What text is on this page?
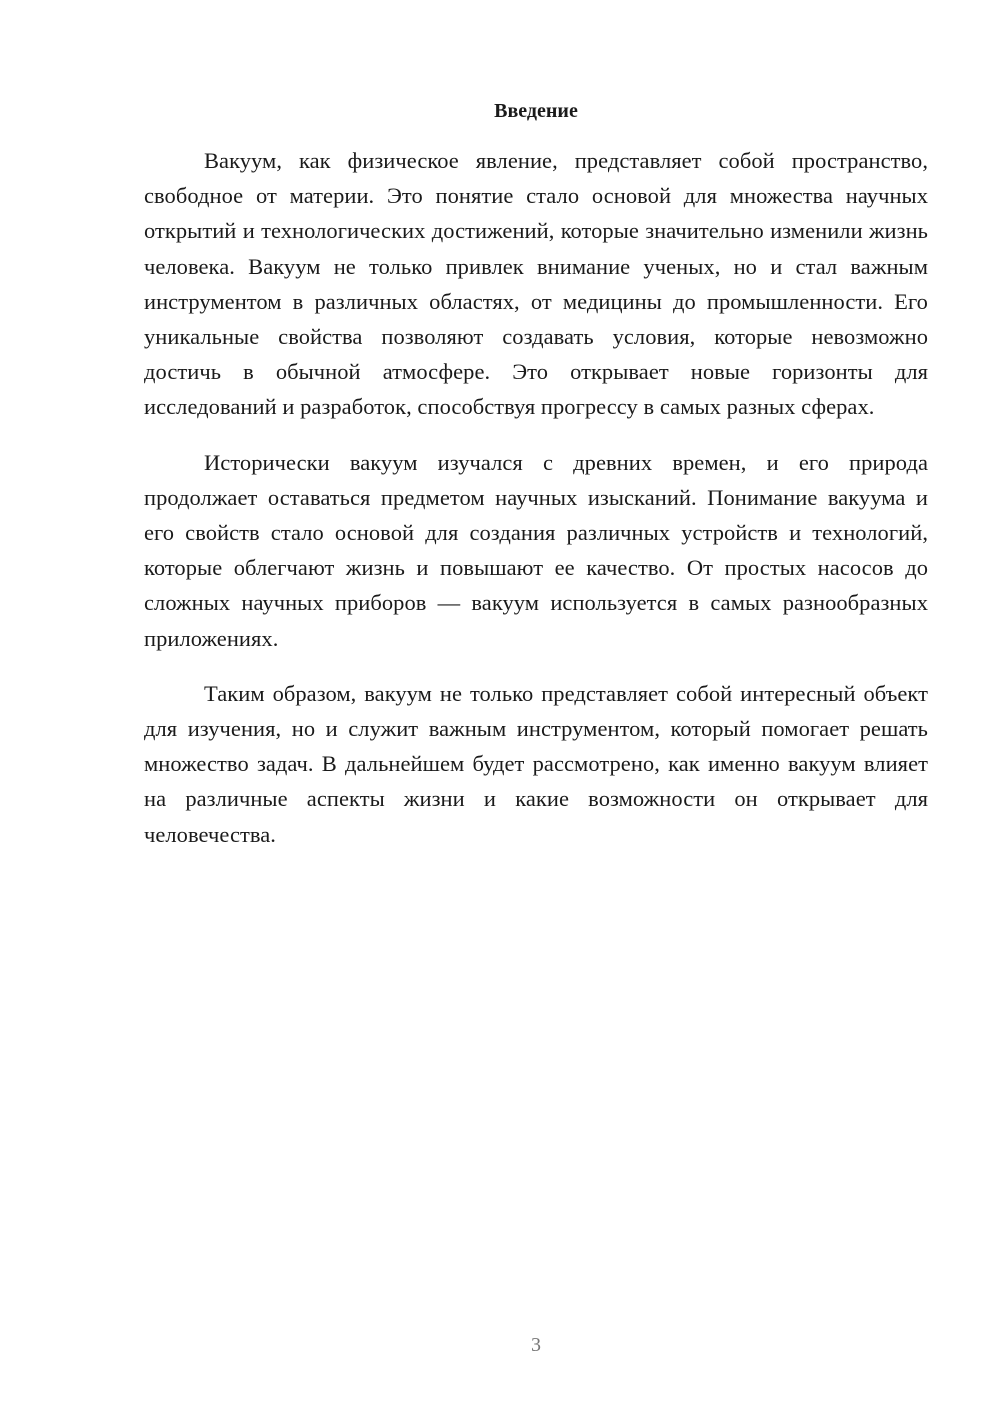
Введение

Вакуум, как физическое явление, представляет собой пространство, свободное от материи. Это понятие стало основой для множества научных открытий и технологических достижений, которые значительно изменили жизнь человека. Вакуум не только привлек внимание ученых, но и стал важным инструментом в различных областях, от медицины до промышленности. Его уникальные свойства позволяют создавать условия, которые невозможно достичь в обычной атмосфере. Это открывает новые горизонты для исследований и разработок, способствуя прогрессу в самых разных сферах.

Исторически вакуум изучался с древних времен, и его природа продолжает оставаться предметом научных изысканий. Понимание вакуума и его свойств стало основой для создания различных устройств и технологий, которые облегчают жизнь и повышают ее качество. От простых насосов до сложных научных приборов — вакуум используется в самых разнообразных приложениях.

Таким образом, вакуум не только представляет собой интересный объект для изучения, но и служит важным инструментом, который помогает решать множество задач. В дальнейшем будет рассмотрено, как именно вакуум влияет на различные аспекты жизни и какие возможности он открывает для человечества.

3
